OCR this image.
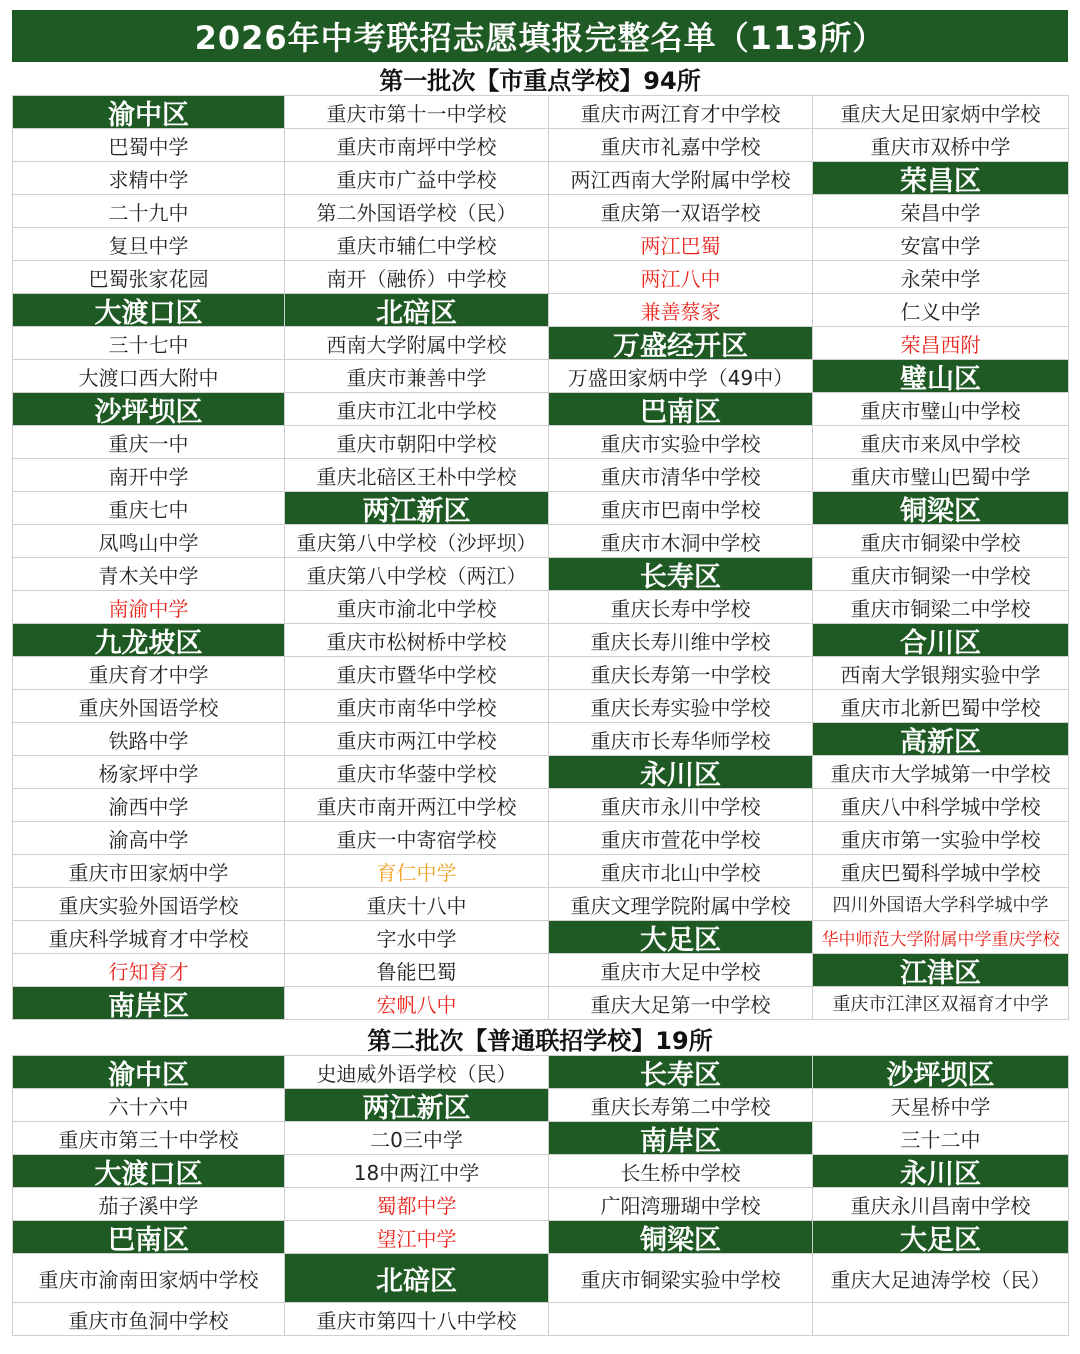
2026年中考联招志愿填报完整名单（113所）
第一批次【市重点学校】94所
渝中区	重庆市第十一中学校	重庆市两江育才中学校	重庆大足田家炳中学校
巴蜀中学	重庆市南坪中学校	重庆市礼嘉中学校	重庆市双桥中学
求精中学	重庆市广益中学校	两江西南大学附属中学校	荣昌区
二十九中	第二外国语学校（民）	重庆第一双语学校	荣昌中学
复旦中学	重庆市辅仁中学校	两江巴蜀	安富中学
巴蜀张家花园	南开（融侨）中学校	两江八中	永荣中学
大渡口区	北碚区	兼善蔡家	仁义中学
三十七中	西南大学附属中学校	万盛经开区	荣昌西附
大渡口西大附中	重庆市兼善中学	万盛田家炳中学（49中）	璧山区
沙坪坝区	重庆市江北中学校	巴南区	重庆市璧山中学校
重庆一中	重庆市朝阳中学校	重庆市实验中学校	重庆市来凤中学校
南开中学	重庆北碚区王朴中学校	重庆市清华中学校	重庆市璧山巴蜀中学
重庆七中	两江新区	重庆市巴南中学校	铜梁区
凤鸣山中学	重庆第八中学校（沙坪坝）	重庆市木洞中学校	重庆市铜梁中学校
青木关中学	重庆第八中学校（两江）	长寿区	重庆市铜梁一中学校
南渝中学	重庆市渝北中学校	重庆长寿中学校	重庆市铜梁二中学校
九龙坡区	重庆市松树桥中学校	重庆长寿川维中学校	合川区
重庆育才中学	重庆市暨华中学校	重庆长寿第一中学校	西南大学银翔实验中学
重庆外国语学校	重庆市南华中学校	重庆长寿实验中学校	重庆市北新巴蜀中学校
铁路中学	重庆市两江中学校	重庆市长寿华师学校	高新区
杨家坪中学	重庆市华蓥中学校	永川区	重庆市大学城第一中学校
渝西中学	重庆市南开两江中学校	重庆市永川中学校	重庆八中科学城中学校
渝高中学	重庆一中寄宿学校	重庆市萱花中学校	重庆市第一实验中学校
重庆市田家炳中学	育仁中学	重庆市北山中学校	重庆巴蜀科学城中学校
重庆实验外国语学校	重庆十八中	重庆文理学院附属中学校	四川外国语大学科学城中学
重庆科学城育才中学校	字水中学	大足区	华中师范大学附属中学重庆学校
行知育才	鲁能巴蜀	重庆市大足中学校	江津区
南岸区	宏帆八中	重庆大足第一中学校	重庆市江津区双福育才中学
第二批次【普通联招学校】19所
渝中区	史迪威外语学校（民）	长寿区	沙坪坝区
六十六中	两江新区	重庆长寿第二中学校	天星桥中学
重庆市第三十中学校	二0三中学	南岸区	三十二中
大渡口区	18中两江中学	长生桥中学校	永川区
茄子溪中学	蜀都中学	广阳湾珊瑚中学校	重庆永川昌南中学校
巴南区	望江中学	铜梁区	大足区
重庆市渝南田家炳中学校	北碚区	重庆市铜梁实验中学校	重庆大足迪涛学校（民）
重庆市鱼洞中学校	重庆市第四十八中学校
